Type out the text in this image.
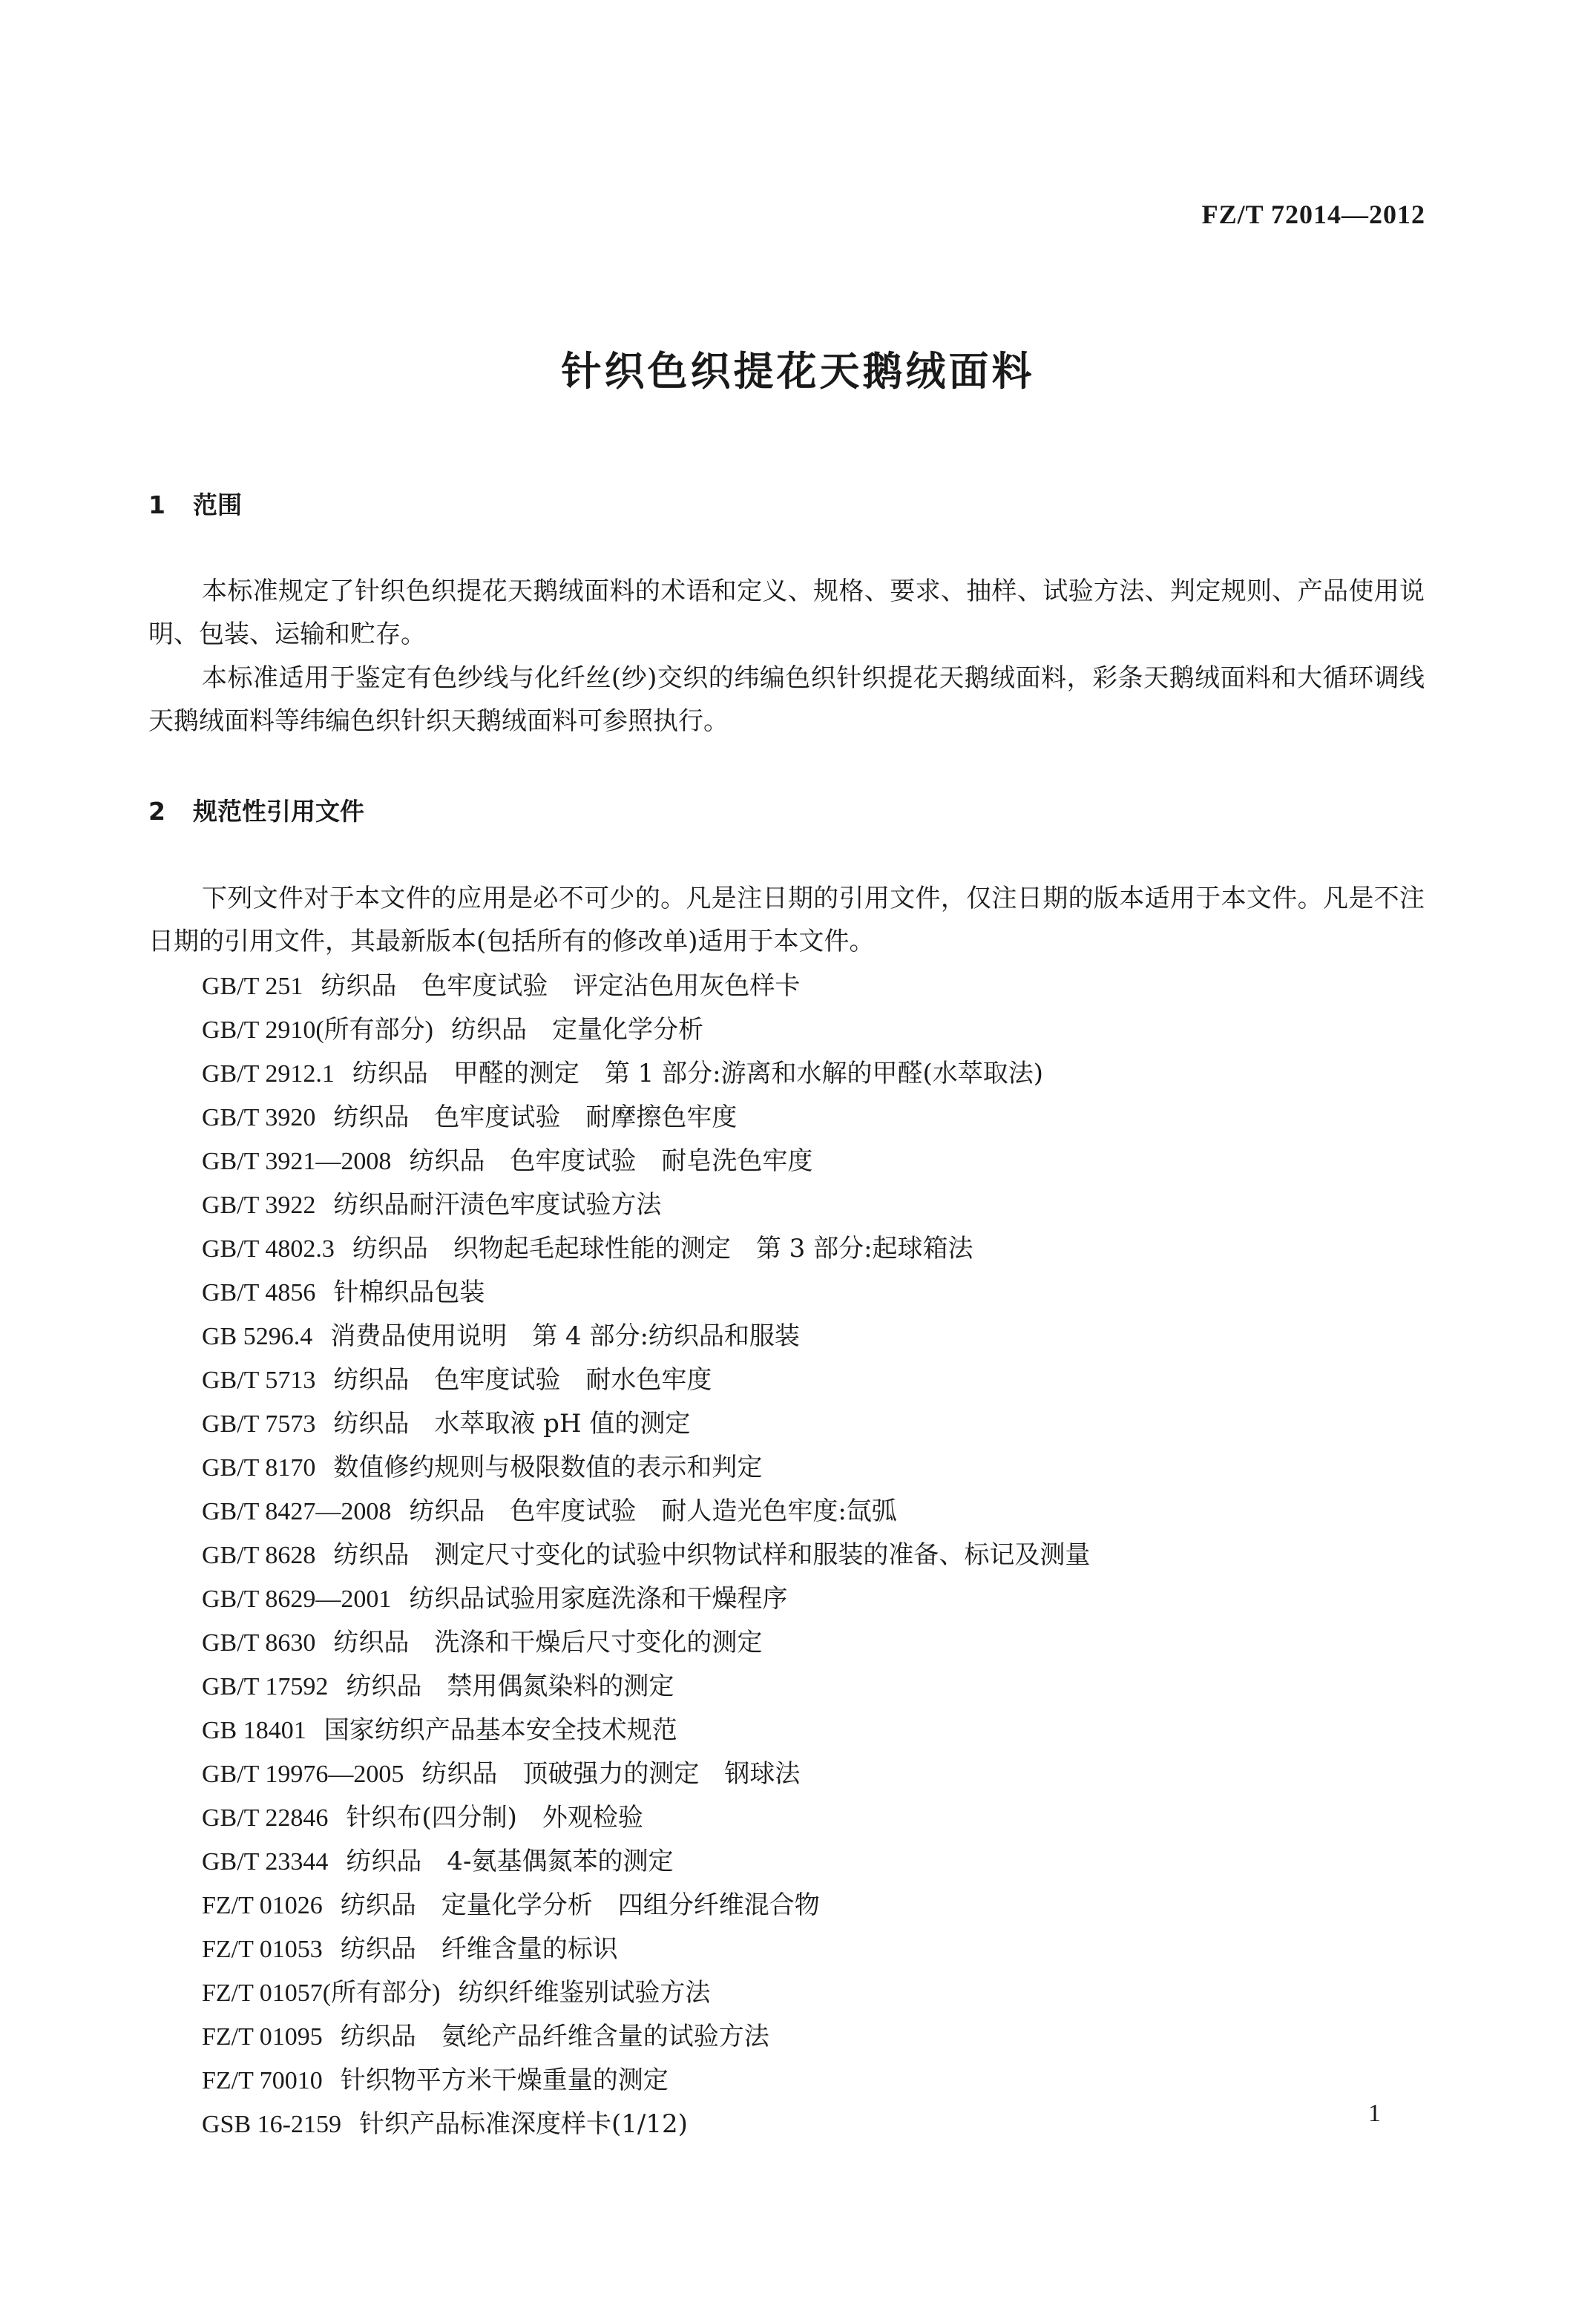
FZ/T 72014—2012
针织色织提花天鹅绒面料
1 范围

本标准规定了针织色织提花天鹅绒面料的术语和定义、规格、要求、抽样、试验方法、判定规则、产品使用说明、包装、运输和贮存。

本标准适用于鉴定有色纱线与化纤丝(纱)交织的纬编色织针织提花天鹅绒面料，彩条天鹅绒面料和大循环调线天鹅绒面料等纬编色织针织天鹅绒面料可参照执行。

2 规范性引用文件

下列文件对于本文件的应用是必不可少的。凡是注日期的引用文件，仅注日期的版本适用于本文件。凡是不注日期的引用文件，其最新版本(包括所有的修改单)适用于本文件。

GB/T 251 纺织品　色牢度试验　评定沾色用灰色样卡
GB/T 2910(所有部分) 纺织品　定量化学分析
GB/T 2912.1 纺织品　甲醛的测定　第 1 部分:游离和水解的甲醛(水萃取法)
GB/T 3920 纺织品　色牢度试验　耐摩擦色牢度
GB/T 3921—2008 纺织品　色牢度试验　耐皂洗色牢度
GB/T 3922 纺织品耐汗渍色牢度试验方法
GB/T 4802.3 纺织品　织物起毛起球性能的测定　第 3 部分:起球箱法
GB/T 4856 针棉织品包装
GB 5296.4 消费品使用说明　第 4 部分:纺织品和服装
GB/T 5713 纺织品　色牢度试验　耐水色牢度
GB/T 7573 纺织品　水萃取液 pH 值的测定
GB/T 8170 数值修约规则与极限数值的表示和判定
GB/T 8427—2008 纺织品　色牢度试验　耐人造光色牢度:氙弧
GB/T 8628 纺织品　测定尺寸变化的试验中织物试样和服装的准备、标记及测量
GB/T 8629—2001 纺织品试验用家庭洗涤和干燥程序
GB/T 8630 纺织品　洗涤和干燥后尺寸变化的测定
GB/T 17592 纺织品　禁用偶氮染料的测定
GB 18401 国家纺织产品基本安全技术规范
GB/T 19976—2005 纺织品　顶破强力的测定　钢球法
GB/T 22846 针织布(四分制)　外观检验
GB/T 23344 纺织品　4-氨基偶氮苯的测定
FZ/T 01026 纺织品　定量化学分析　四组分纤维混合物
FZ/T 01053 纺织品　纤维含量的标识
FZ/T 01057(所有部分) 纺织纤维鉴别试验方法
FZ/T 01095 纺织品　氨纶产品纤维含量的试验方法
FZ/T 70010 针织物平方米干燥重量的测定
GSB 16-2159 针织产品标准深度样卡(1/12)	1
